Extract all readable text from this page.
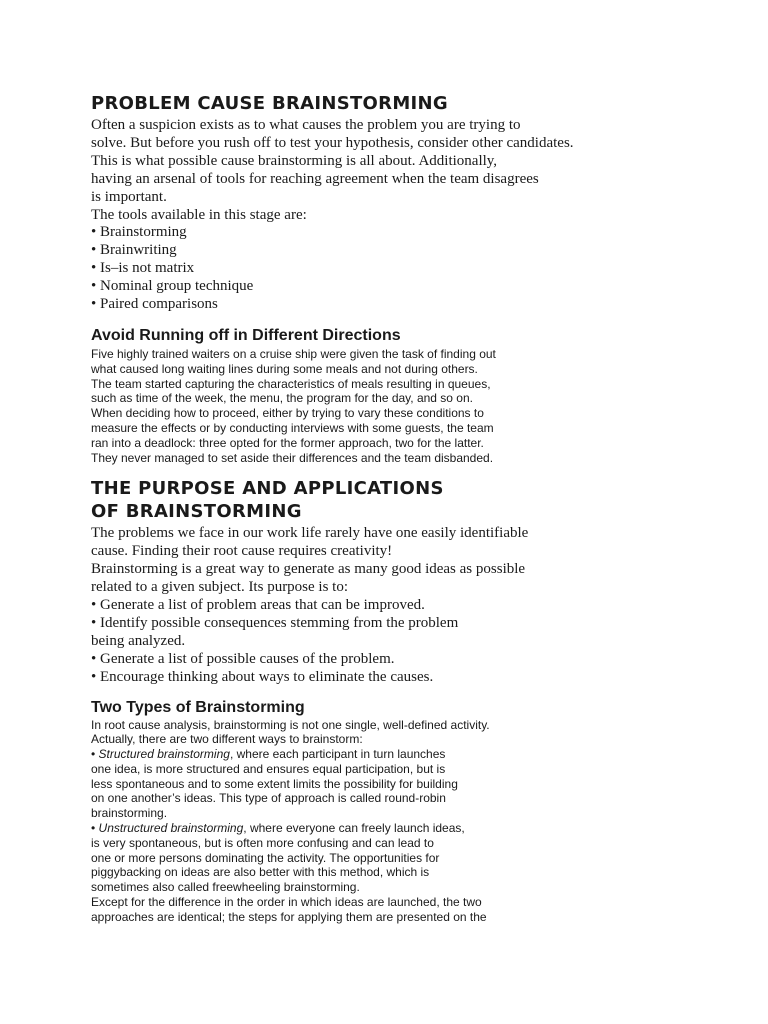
PROBLEM CAUSE BRAINSTORMING
Often a suspicion exists as to what causes the problem you are trying to
solve. But before you rush off to test your hypothesis, consider other candidates.
This is what possible cause brainstorming is all about. Additionally,
having an arsenal of tools for reaching agreement when the team disagrees
is important.
The tools available in this stage are:
• Brainstorming
• Brainwriting
• Is–is not matrix
• Nominal group technique
• Paired comparisons
Avoid Running off in Different Directions
Five highly trained waiters on a cruise ship were given the task of finding out
what caused long waiting lines during some meals and not during others.
The team started capturing the characteristics of meals resulting in queues,
such as time of the week, the menu, the program for the day, and so on.
When deciding how to proceed, either by trying to vary these conditions to
measure the effects or by conducting interviews with some guests, the team
ran into a deadlock: three opted for the former approach, two for the latter.
They never managed to set aside their differences and the team disbanded.
THE PURPOSE AND APPLICATIONS
OF BRAINSTORMING
The problems we face in our work life rarely have one easily identifiable
cause. Finding their root cause requires creativity!
Brainstorming is a great way to generate as many good ideas as possible
related to a given subject. Its purpose is to:
• Generate a list of problem areas that can be improved.
• Identify possible consequences stemming from the problem
being analyzed.
• Generate a list of possible causes of the problem.
• Encourage thinking about ways to eliminate the causes.
Two Types of Brainstorming
In root cause analysis, brainstorming is not one single, well-defined activity.
Actually, there are two different ways to brainstorm:
• Structured brainstorming, where each participant in turn launches
one idea, is more structured and ensures equal participation, but is
less spontaneous and to some extent limits the possibility for building
on one another’s ideas. This type of approach is called round-robin
brainstorming.
• Unstructured brainstorming, where everyone can freely launch ideas,
is very spontaneous, but is often more confusing and can lead to
one or more persons dominating the activity. The opportunities for
piggybacking on ideas are also better with this method, which is
sometimes also called freewheeling brainstorming.
Except for the difference in the order in which ideas are launched, the two
approaches are identical; the steps for applying them are presented on the
